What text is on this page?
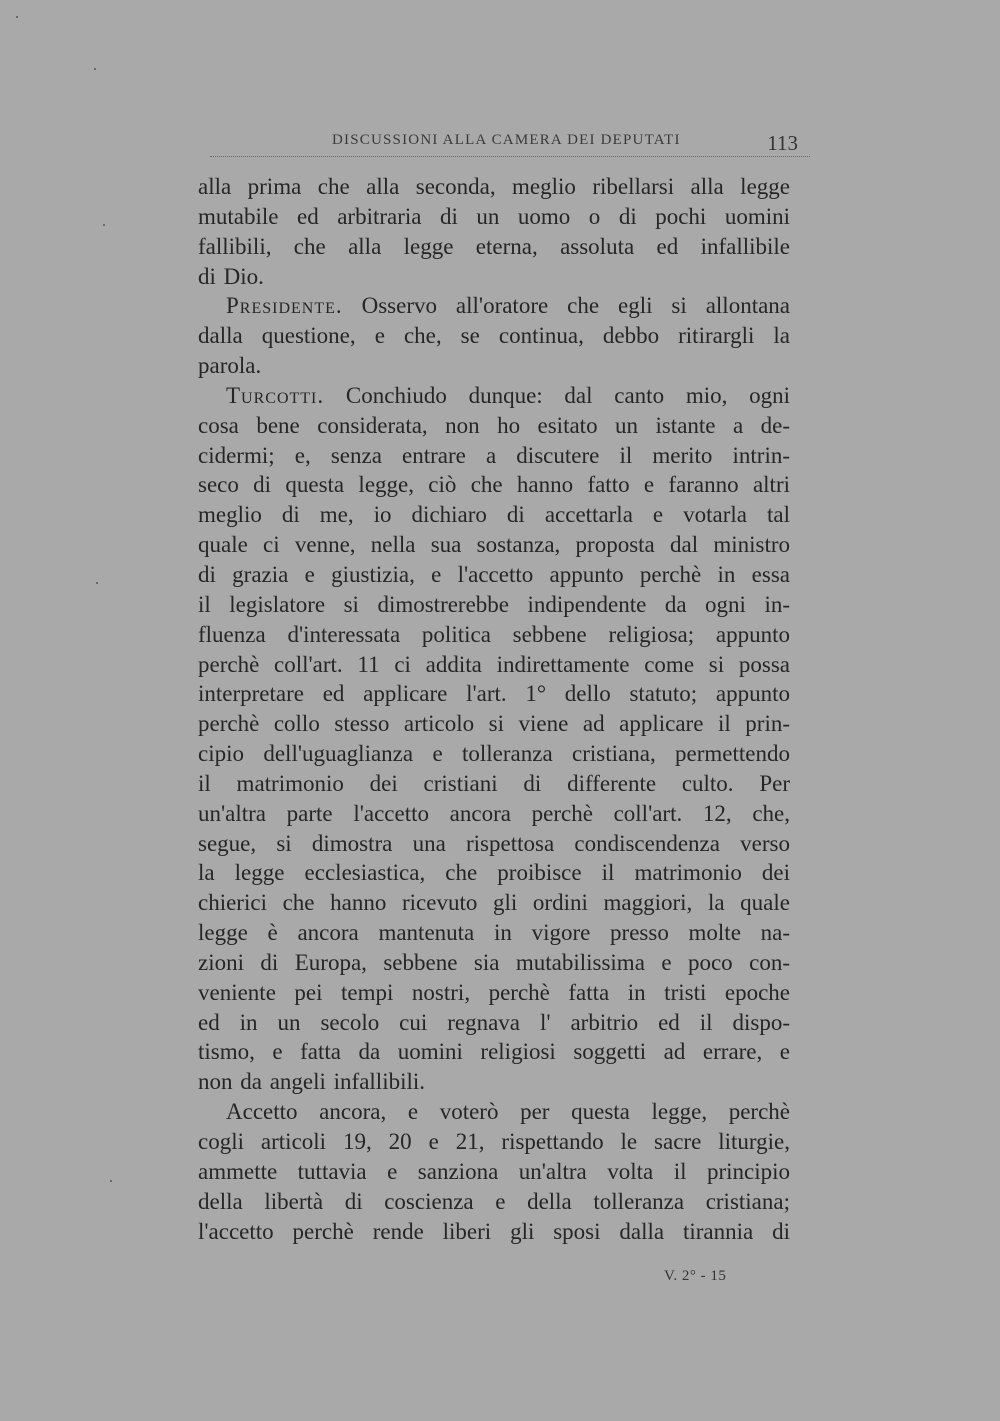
DISCUSSIONI ALLA CAMERA DEI DEPUTATI	113
alla prima che alla seconda, meglio ribellarsi alla legge
mutabile ed arbitraria di un uomo o di pochi uomini
fallibili, che alla legge eterna, assoluta ed infallibile
di Dio.
Presidente. Osservo all'oratore che egli si allontana
dalla questione, e che, se continua, debbo ritirargli la
parola.
Turcotti. Conchiudo dunque: dal canto mio, ogni
cosa bene considerata, non ho esitato un istante a de-
cidermi; e, senza entrare a discutere il merito intrin-
seco di questa legge, ciò che hanno fatto e faranno altri
meglio di me, io dichiaro di accettarla e votarla tal
quale ci venne, nella sua sostanza, proposta dal ministro
di grazia e giustizia, e l'accetto appunto perchè in essa
il legislatore si dimostrerebbe indipendente da ogni in-
fluenza d'interessata politica sebbene religiosa; appunto
perchè coll'art. 11 ci addita indirettamente come si possa
interpretare ed applicare l'art. 1° dello statuto; appunto
perchè collo stesso articolo si viene ad applicare il prin-
cipio dell'uguaglianza e tolleranza cristiana, permettendo
il matrimonio dei cristiani di differente culto. Per
un'altra parte l'accetto ancora perchè coll'art. 12, che,
segue, si dimostra una rispettosa condiscendenza verso
la legge ecclesiastica, che proibisce il matrimonio dei
chierici che hanno ricevuto gli ordini maggiori, la quale
legge è ancora mantenuta in vigore presso molte na-
zioni di Europa, sebbene sia mutabilissima e poco con-
veniente pei tempi nostri, perchè fatta in tristi epoche
ed in un secolo cui regnava l' arbitrio ed il dispo-
tismo, e fatta da uomini religiosi soggetti ad errare, e
non da angeli infallibili.
Accetto ancora, e voterò per questa legge, perchè
cogli articoli 19, 20 e 21, rispettando le sacre liturgie,
ammette tuttavia e sanziona un'altra volta il principio
della libertà di coscienza e della tolleranza cristiana;
l'accetto perchè rende liberi gli sposi dalla tirannia di
V. 2° - 15
